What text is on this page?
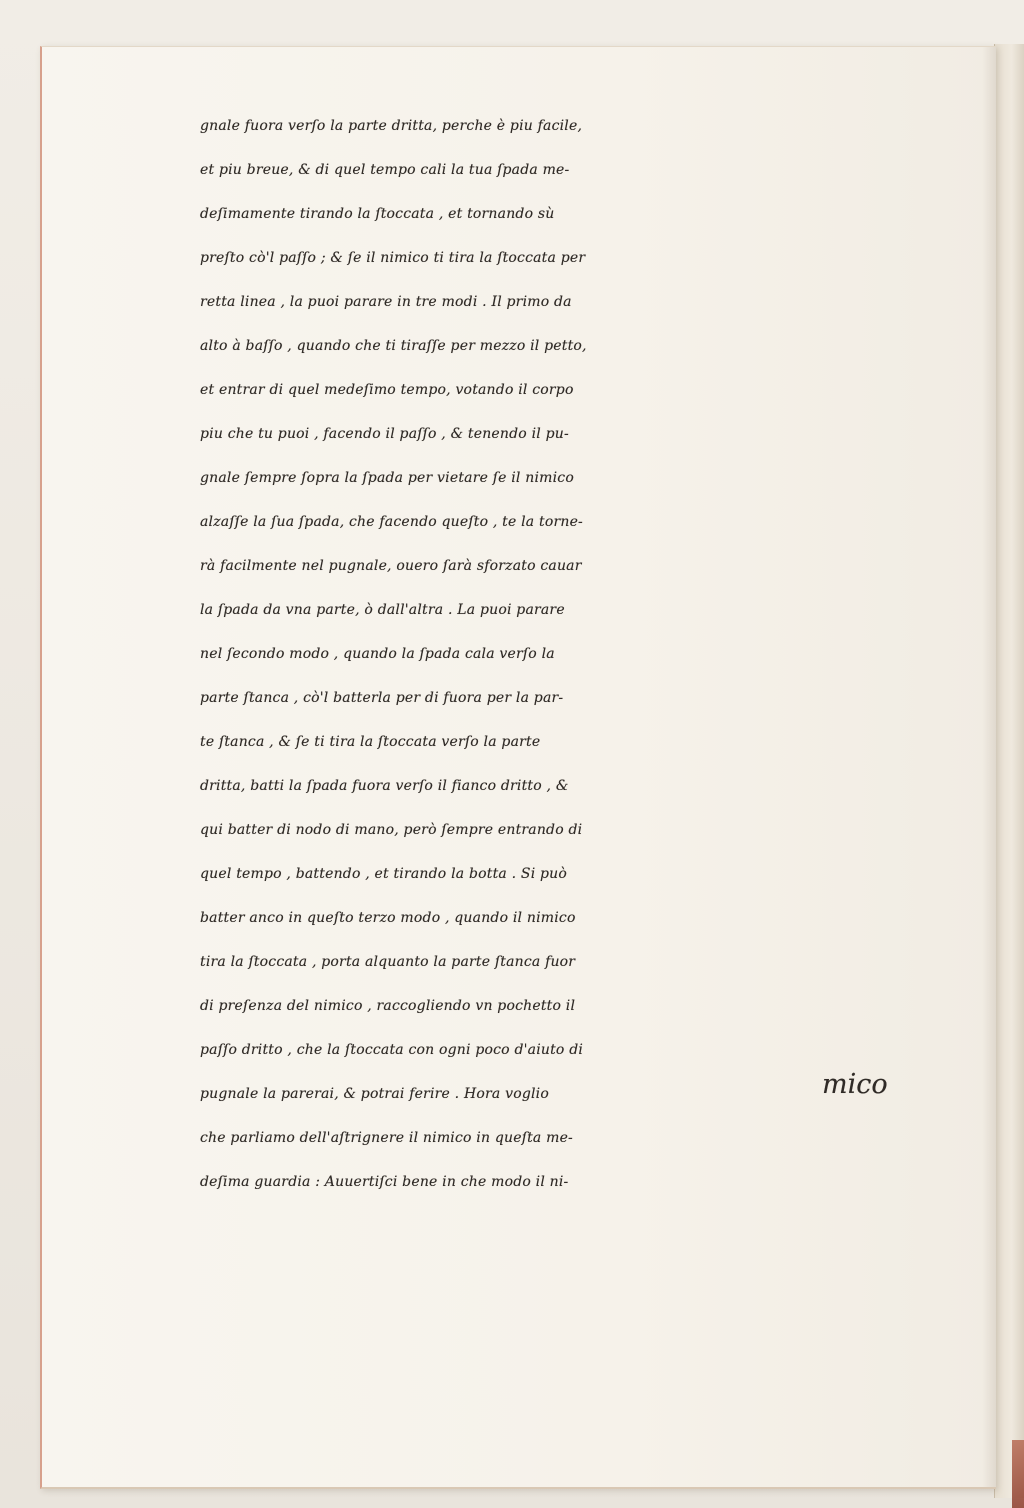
gnale fuora verſo la parte dritta, perche è piu facile,
et piu breue, & di quel tempo cali la tua ſpada me-
deſimamente tirando la ſtoccata , et tornando sù
preſto cò'l paſſo ; & ſe il nimico ti tira la ſtoccata per
retta linea , la puoi parare in tre modi . Il primo da
alto à baſſo , quando che ti tiraſſe per mezzo il petto,
et entrar di quel medeſimo tempo, votando il corpo
piu che tu puoi , facendo il paſſo , & tenendo il pu-
gnale ſempre ſopra la ſpada per vietare ſe il nimico
alzaſſe la ſua ſpada, che facendo queſto , te la torne-
rà facilmente nel pugnale, ouero ſarà sforzato cauar
la ſpada da vna parte, ò dall'altra . La puoi parare
nel ſecondo modo , quando la ſpada cala verſo la
parte ſtanca , cò'l batterla per di fuora per la par-
te ſtanca , & ſe ti tira la ſtoccata verſo la parte
dritta, batti la ſpada fuora verſo il fianco dritto , &
qui batter di nodo di mano, però ſempre entrando di
quel tempo , battendo , et tirando la botta . Si può
batter anco in queſto terzo modo , quando il nimico
tira la ſtoccata , porta alquanto la parte ſtanca fuor
di preſenza del nimico , raccogliendo vn pochetto il
paſſo dritto , che la ſtoccata con ogni poco d'aiuto di
pugnale la parerai, & potrai ferire . Hora voglio
che parliamo dell'aſtrignere il nimico in queſta me-
deſima guardia : Auuertiſci bene in che modo il ni-
mico
